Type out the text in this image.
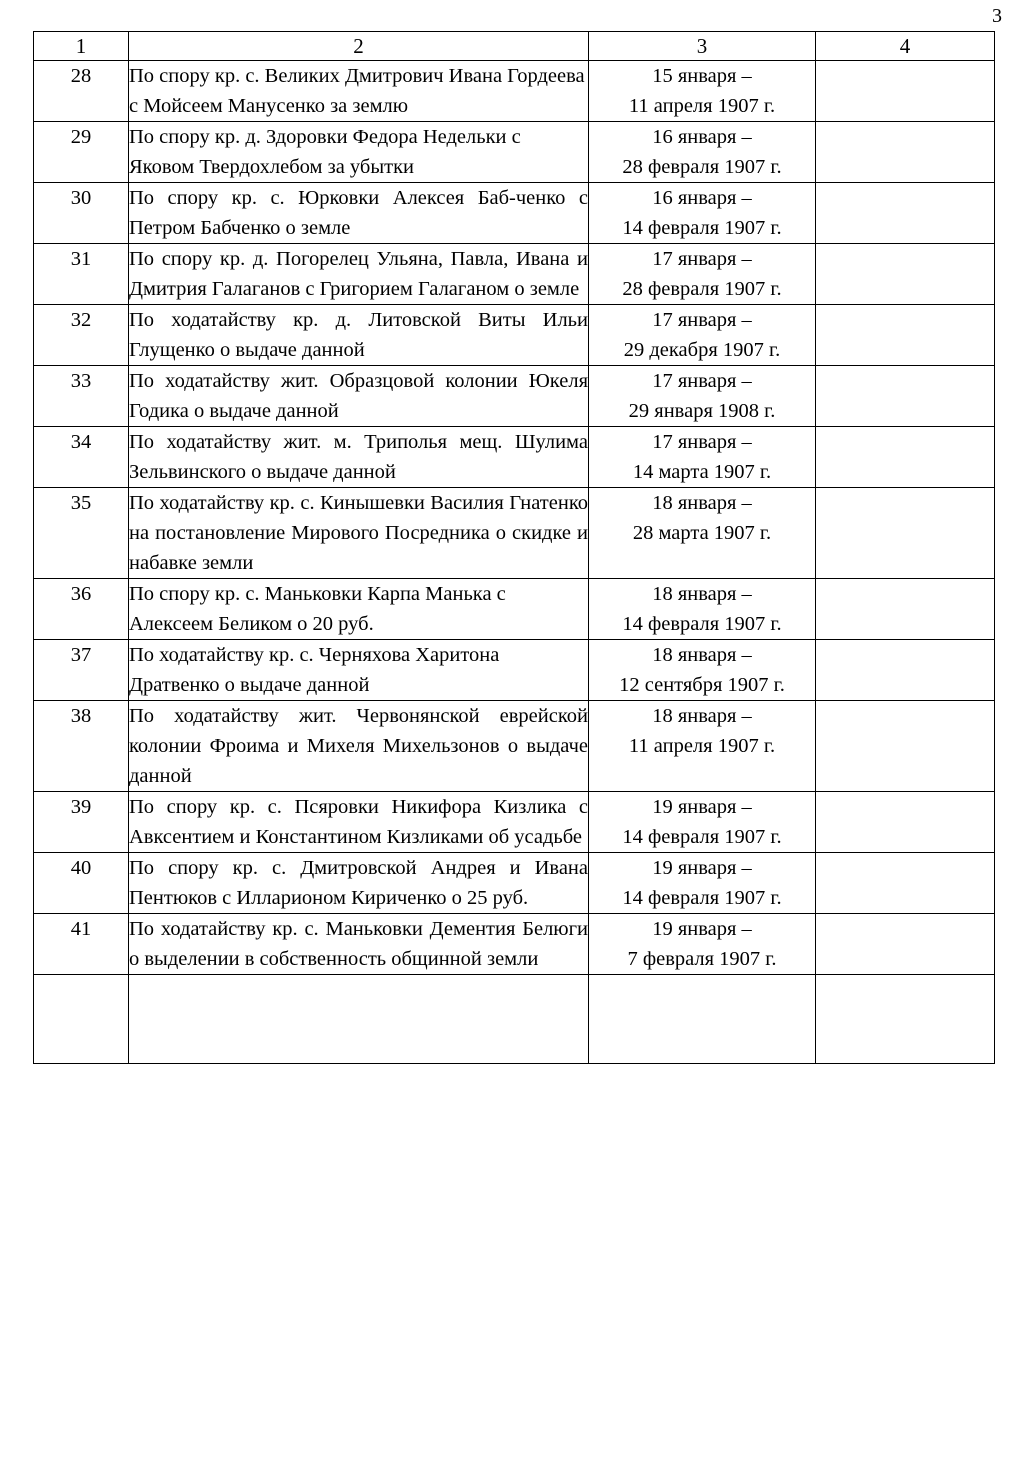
3
1	2	3	4
28	По спору кр. с. Великих Дмитрович Ивана Гордеева с Мойсеем Манусенко за землю	15 января –
11 апреля 1907 г.	

29	По спору кр. д. Здоровки Федора Недельки с Яковом Твердохлебом за убытки	16 января –
28 февраля 1907 г.	

30	По спору кр. с. Юрковки Алексея Баб-ченко с Петром Бабченко о земле	16 января –
14 февраля 1907 г.	

31	По спору кр. д. Погорелец Ульяна, Павла, Ивана и Дмитрия Галаганов с Григорием Галаганом о земле	17 января –
28 февраля 1907 г.	

32	По ходатайству кр. д. Литовской Виты Ильи Глущенко о выдаче данной	17 января –
29 декабря 1907 г.	

33	По ходатайству жит. Образцовой колонии Юкеля Годика о выдаче данной	17 января –
29 января 1908 г.	

34	По ходатайству жит. м. Триполья мещ. Шулима Зельвинского о выдаче данной	17 января –
14 марта 1907 г.	

35	По ходатайству кр. с. Кинышевки Василия Гнатенко на постановление Мирового Посредника о скидке и набавке земли	18 января –
28 марта 1907 г.	

36	По спору кр. с. Маньковки Карпа Манька с Алексеем Беликом о 20 руб.	18 января –
14 февраля 1907 г.	

37	По ходатайству кр. с. Черняхова Харитона Дратвенко о выдаче данной	18 января –
12 сентября 1907 г.	

38	По ходатайству жит. Червонянской еврейской колонии Фроима и Михеля Михельзонов о выдаче данной	18 января –
11 апреля 1907 г.	

39	По спору кр. с. Псяровки Никифора Кизлика с Авксентием и Константином Кизликами об усадьбе	19 января –
14 февраля 1907 г.	

40	По спору кр. с. Дмитровской Андрея и Ивана Пентюков с Илларионом Кириченко о 25 руб.	19 января –
14 февраля 1907 г.	

41	По ходатайству кр. с. Маньковки Дементия Белюги о выделении в собственность общинной земли	19 января –
7 февраля 1907 г.	
